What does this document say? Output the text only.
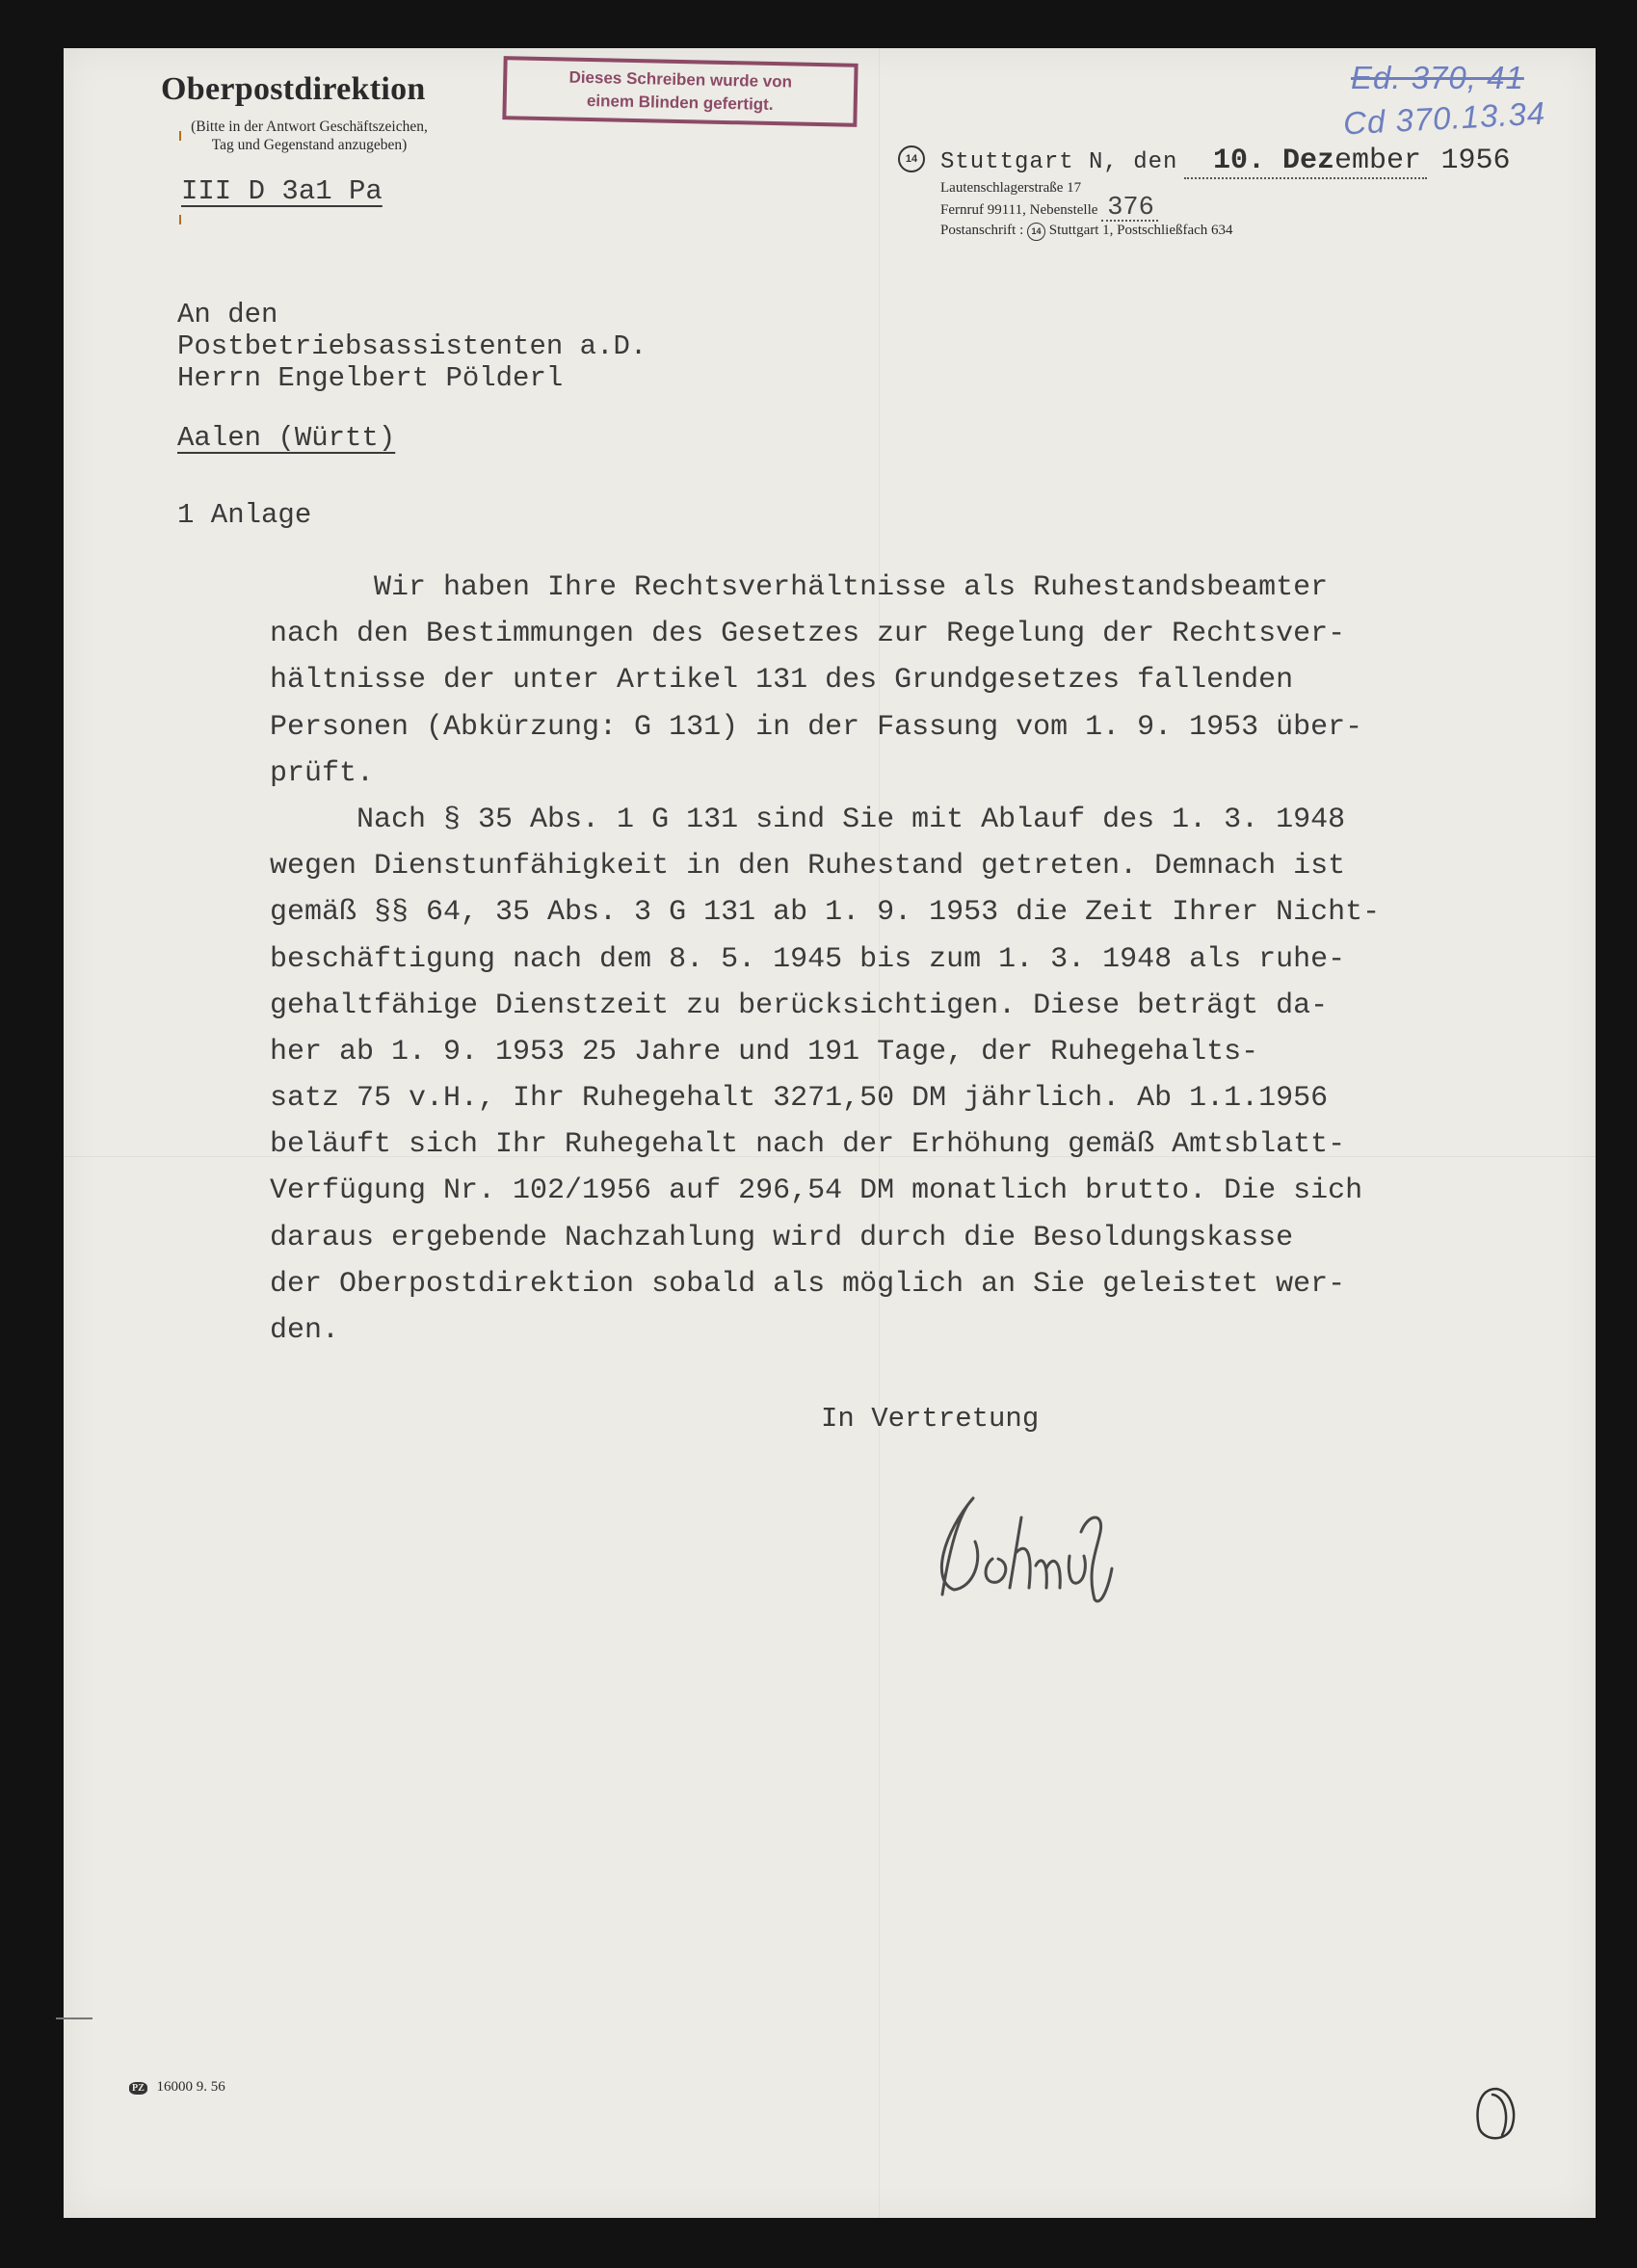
Oberpostdirektion
(Bitte in der Antwort Geschäftszeichen,
Tag und Gegenstand anzugeben)
Dieses Schreiben wurde von
einem Blinden gefertigt.
14 Stuttgart N, den 10. Dezember 1956
Lautenschlagerstraße 17
Fernruf 99111, Nebenstelle 376
Postanschrift : 14 Stuttgart 1, Postschließfach 634
Ed. 370, 41
Cd 370.13.34
III D 3a1 Pa
An den
Postbetriebsassistenten a.D.
Herrn Engelbert Pölderl
Aalen (Württ)
1 Anlage
Wir haben Ihre Rechtsverhältnisse als Ruhestandsbeamter
nach den Bestimmungen des Gesetzes zur Regelung der Rechtsver-
hältnisse der unter Artikel 131 des Grundgesetzes fallenden
Personen (Abkürzung: G 131) in der Fassung vom 1. 9. 1953 über-
prüft.
Nach § 35 Abs. 1 G 131 sind Sie mit Ablauf des 1. 3. 1948
wegen Dienstunfähigkeit in den Ruhestand getreten. Demnach ist
gemäß §§ 64, 35 Abs. 3 G 131 ab 1. 9. 1953 die Zeit Ihrer Nicht-
beschäftigung nach dem 8. 5. 1945 bis zum 1. 3. 1948 als ruhe-
gehaltfähige Dienstzeit zu berücksichtigen. Diese beträgt da-
her ab 1. 9. 1953 25 Jahre und 191 Tage, der Ruhegehalts-
satz 75 v.H., Ihr Ruhegehalt 3271,50 DM jährlich. Ab 1.1.1956
beläuft sich Ihr Ruhegehalt nach der Erhöhung gemäß Amtsblatt-
Verfügung Nr. 102/1956 auf 296,54 DM monatlich brutto. Die sich
daraus ergebende Nachzahlung wird durch die Besoldungskasse
der Oberpostdirektion sobald als möglich an Sie geleistet wer-
den.
In Vertretung
PZ 16000 9. 56
